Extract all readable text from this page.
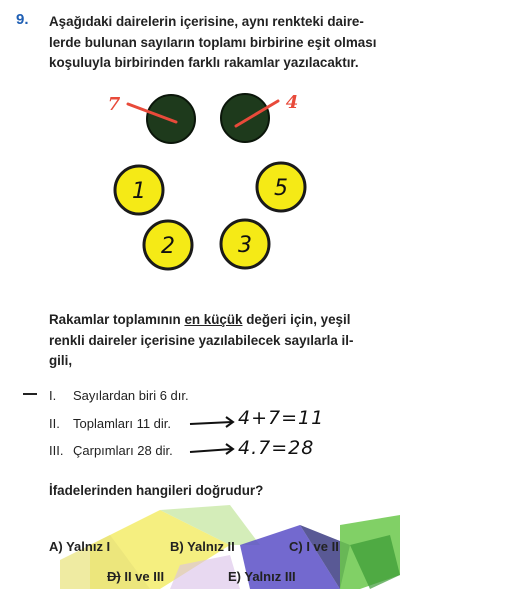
9. Aşağıdaki dairelerin içerisine, aynı renkteki daire-
lerde bulunan sayıların toplamı birbirine eşit olması
koşuluyla birbirinden farklı rakamlar yazılacaktır.
1	5
2	3
7	4
Rakamlar toplamının en küçük değeri için, yeşil
renkli daireler içerisine yazılabilecek sayılarla il-
gili,
I. Sayılardan biri 6 dır.
II. Toplamları 11 dir.
III. Çarpımları 28 dir.
4+7=11
4.7=28
İfadelerinden hangileri doğrudur?
A) Yalnız I	B) Yalnız II	C) I ve II
D) II ve III	E) Yalnız III
